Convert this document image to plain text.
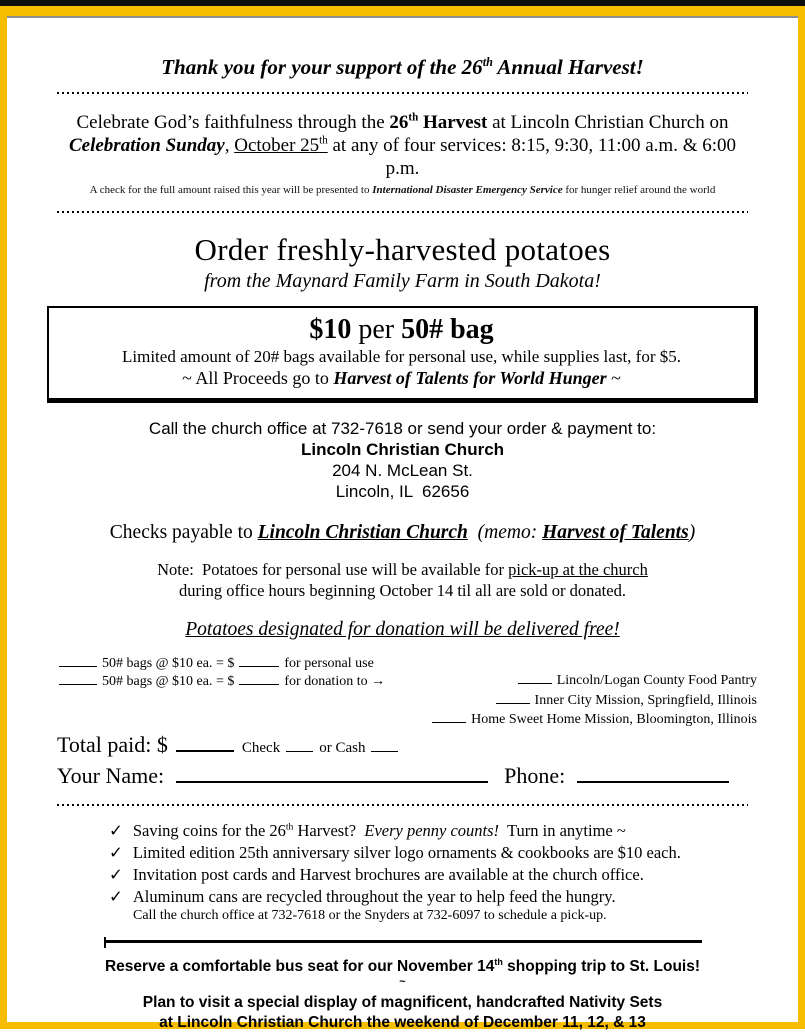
Thank you for your support of the 26th Annual Harvest!
Celebrate God’s faithfulness through the 26th Harvest at Lincoln Christian Church on
Celebration Sunday, October 25th at any of four services: 8:15, 9:30, 11:00 a.m. & 6:00 p.m.
A check for the full amount raised this year will be presented to International Disaster Emergency Service for hunger relief around the world
Order freshly-harvested potatoes
from the Maynard Family Farm in South Dakota!
$10 per 50# bag
Limited amount of 20# bags available for personal use, while supplies last, for $5.
~ All Proceeds go to Harvest of Talents for World Hunger ~
Call the church office at 732-7618 or send your order & payment to:
Lincoln Christian Church
204 N. McLean St.
Lincoln, IL  62656
Checks payable to Lincoln Christian Church (memo: Harvest of Talents)
Note:  Potatoes for personal use will be available for pick-up at the church
during office hours beginning October 14 til all are sold or donated.
Potatoes designated for donation will be delivered free!
50# bags @ $10 ea. = $	for personal use
50# bags @ $10 ea. = $	for donation to →	Lincoln/Logan County Food Pantry
Inner City Mission, Springfield, Illinois
Home Sweet Home Mission, Bloomington, Illinois
Total paid: $	Check	or Cash
Your Name:	Phone:
✓ Saving coins for the 26th Harvest?  Every penny counts!  Turn in anytime ~
✓ Limited edition 25th anniversary silver logo ornaments & cookbooks are $10 each.
✓ Invitation post cards and Harvest brochures are available at the church office.
✓ Aluminum cans are recycled throughout the year to help feed the hungry.
Call the church office at 732-7618 or the Snyders at 732-6097 to schedule a pick-up.
Reserve a comfortable bus seat for our November 14th shopping trip to St. Louis!
~
Plan to visit a special display of magnificent, handcrafted Nativity Sets
at Lincoln Christian Church the weekend of December 11, 12, & 13
